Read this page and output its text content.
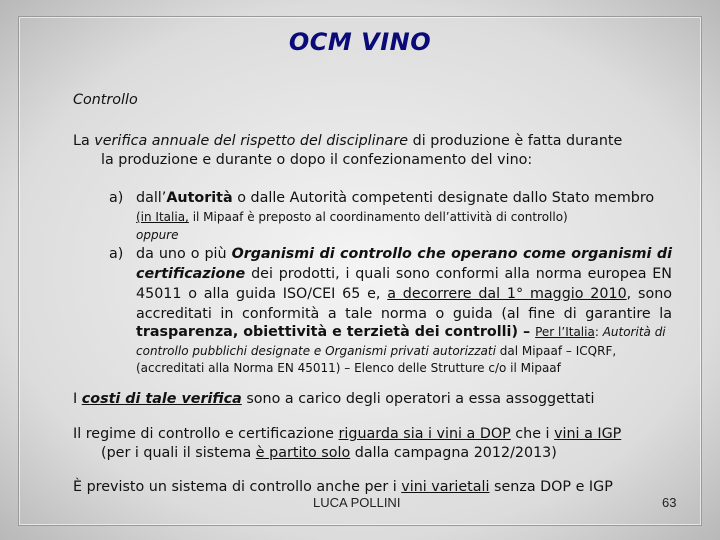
OCM VINO
Controllo
La verifica annuale del rispetto del disciplinare di produzione è fatta durante
la produzione e durante o dopo il confezionamento del vino:
a) dall’Autorità o dalle Autorità competenti designate dallo Stato membro
(in Italia, il Mipaaf è preposto al coordinamento dell’attività di controllo)
oppure
a) da uno o più Organismi di controllo che operano come organismi di
certificazione dei prodotti, i quali sono conformi alla norma europea EN
45011 o alla guida ISO/CEI 65 e, a decorrere dal 1° maggio 2010, sono
accreditati in conformità a tale norma o guida (al fine di garantire la
trasparenza, obiettività e terzietà dei controlli) – Per l’Italia: Autorità di
controllo pubblichi designate e Organismi privati autorizzati dal Mipaaf – ICQRF,
(accreditati alla Norma EN 45011) – Elenco delle Strutture c/o il Mipaaf
I costi di tale verifica sono a carico degli operatori a essa assoggettati
Il regime di controllo e certificazione riguarda sia i vini a DOP che i vini a IGP
(per i quali il sistema è partito solo dalla campagna 2012/2013)
È previsto un sistema di controllo anche per i vini varietali senza DOP e IGP
LUCA POLLINI	63
